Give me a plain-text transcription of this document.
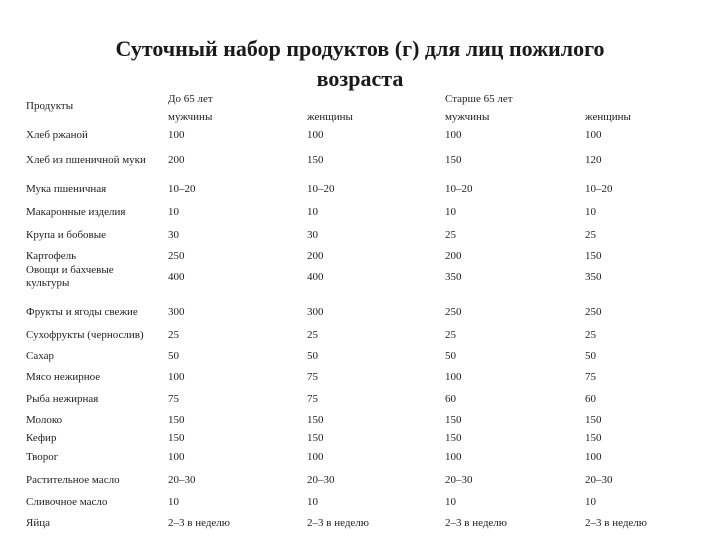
Суточный набор продуктов (г) для лиц пожилого возраста
Продукты
До 65 лет	Старше 65 лет
мужчины	женщины	мужчины	женщины
Хлеб ржаной	100	100	100	100
Хлеб из пшеничной муки 200	150	150	120
Мука пшеничная	10–20	10–20	10–20	10–20
Макаронные изделия	10	10	10	10
Крупа и бобовые	30	30	25	25
Картофель	250	200	200	150
Овощи и бахчевые культуры	400	400	350	350
Фрукты и ягоды свежие	300	300	250	250
Сухофрукты (чернослив) 25	25	25	25
Сахар	50	50	50	50
Мясо нежирное	100	75	100	75
Рыба нежирная	75	75	60	60
Молоко	150	150	150	150
Кефир	150	150	150	150
Творог	100	100	100	100
Растительное масло	20–30	20–30	20–30	20–30
Сливочное масло	10	10	10	10
Яйца	2–3 в неделю	2–3 в неделю	2–3 в неделю	2–3 в неделю
